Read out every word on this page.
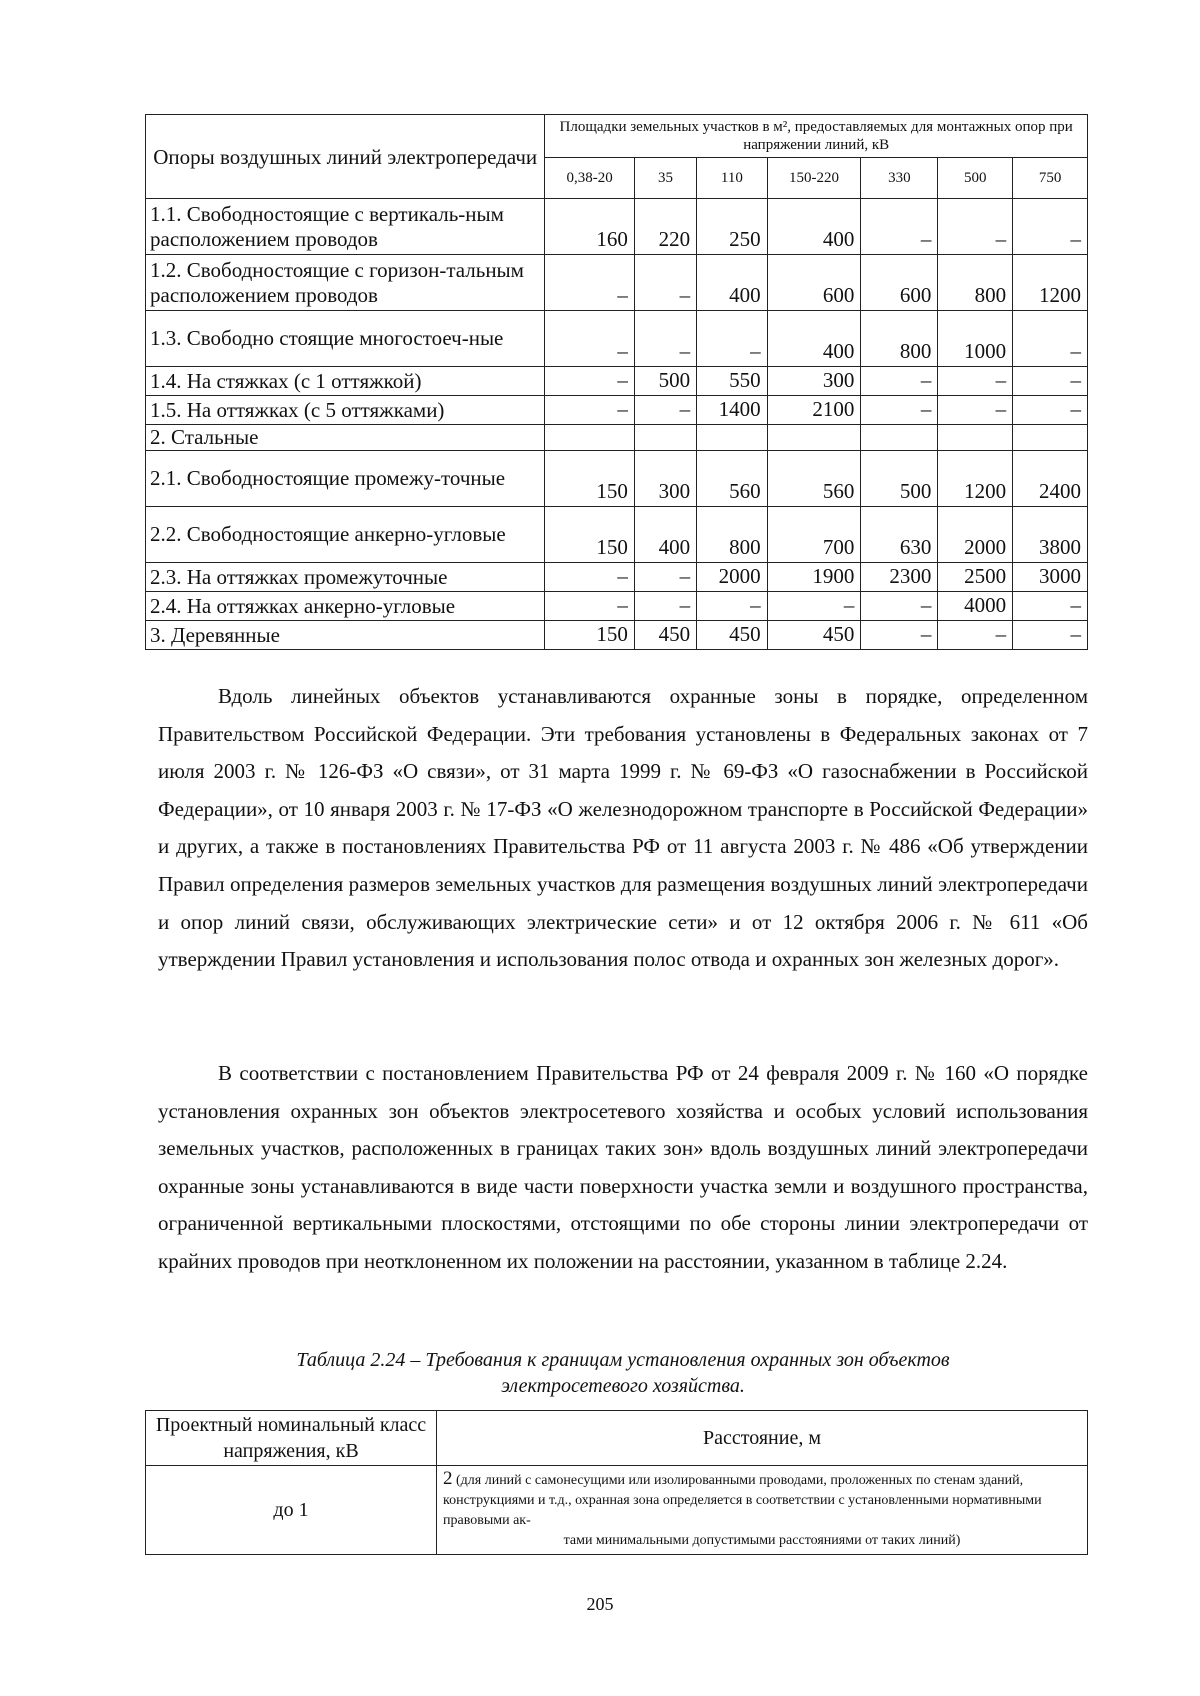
Опоры воздушных линий электропередачи	Площадки земельных участков в м², предоставляемых для монтажных опор при напряжении линий, кВ						
	0,38-20	35	110	150-220	330	500	750
1.1. Свободностоящие с вертикаль-ным расположением проводов	160	220	250	400	–	–	–
1.2. Свободностоящие с горизон-тальным расположением проводов	–	–	400	600	600	800	1200
1.3. Свободно стоящие многостоеч-ные	–	–	–	400	800	1000	–
1.4. На стяжках (с 1 оттяжкой)	–	500	550	300	–	–	–
1.5. На оттяжках (с 5 оттяжками)	–	–	1400	2100	–	–	–
2. Стальные							
2.1. Свободностоящие промежу-точные	150	300	560	560	500	1200	2400
2.2. Свободностоящие анкерно-угловые	150	400	800	700	630	2000	3800
2.3. На оттяжках промежуточные	–	–	2000	1900	2300	2500	3000
2.4. На оттяжках анкерно-угловые	–	–	–	–	–	4000	–
3. Деревянные	150	450	450	450	–	–	–

Вдоль линейных объектов устанавливаются охранные зоны в порядке, определенном Правительством Российской Федерации. Эти требования установлены в Федеральных законах от 7 июля 2003 г. № 126-ФЗ «О связи», от 31 марта 1999 г. № 69-ФЗ «О газоснабжении в Российской Федерации», от 10 января 2003 г. № 17-ФЗ «О железнодорожном транспорте в Российской Федерации» и других, а также в постановлениях Правительства РФ от 11 августа 2003 г. № 486 «Об утверждении Правил определения размеров земельных участков для размещения воздушных линий электропередачи и опор линий связи, обслуживающих электрические сети» и от 12 октября 2006 г. № 611 «Об утверждении Правил установления и использования полос отвода и охранных зон железных дорог».

В соответствии с постановлением Правительства РФ от 24 февраля 2009 г. № 160 «О порядке установления охранных зон объектов электросетевого хозяйства и особых условий использования земельных участков, расположенных в границах таких зон» вдоль воздушных линий электропередачи охранные зоны устанавливаются в виде части поверхности участка земли и воздушного пространства, ограниченной вертикальными плоскостями, отстоящими по обе стороны линии электропередачи от крайних проводов при неотклоненном их положении на расстоянии, указанном в таблице 2.24.

Таблица 2.24 – Требования к границам установления охранных зон объектов
электросетевого хозяйства.

Проектный номинальный класс напряжения, кВ	Расстояние, м
до 1	2 (для линий с самонесущими или изолированными проводами, проложенных по стенам зданий, конструкциями и т.д., охранная зона определяется в соответствии с установленными нормативными правовыми ак-
тами минимальными допустимыми расстояниями от таких линий)

205
